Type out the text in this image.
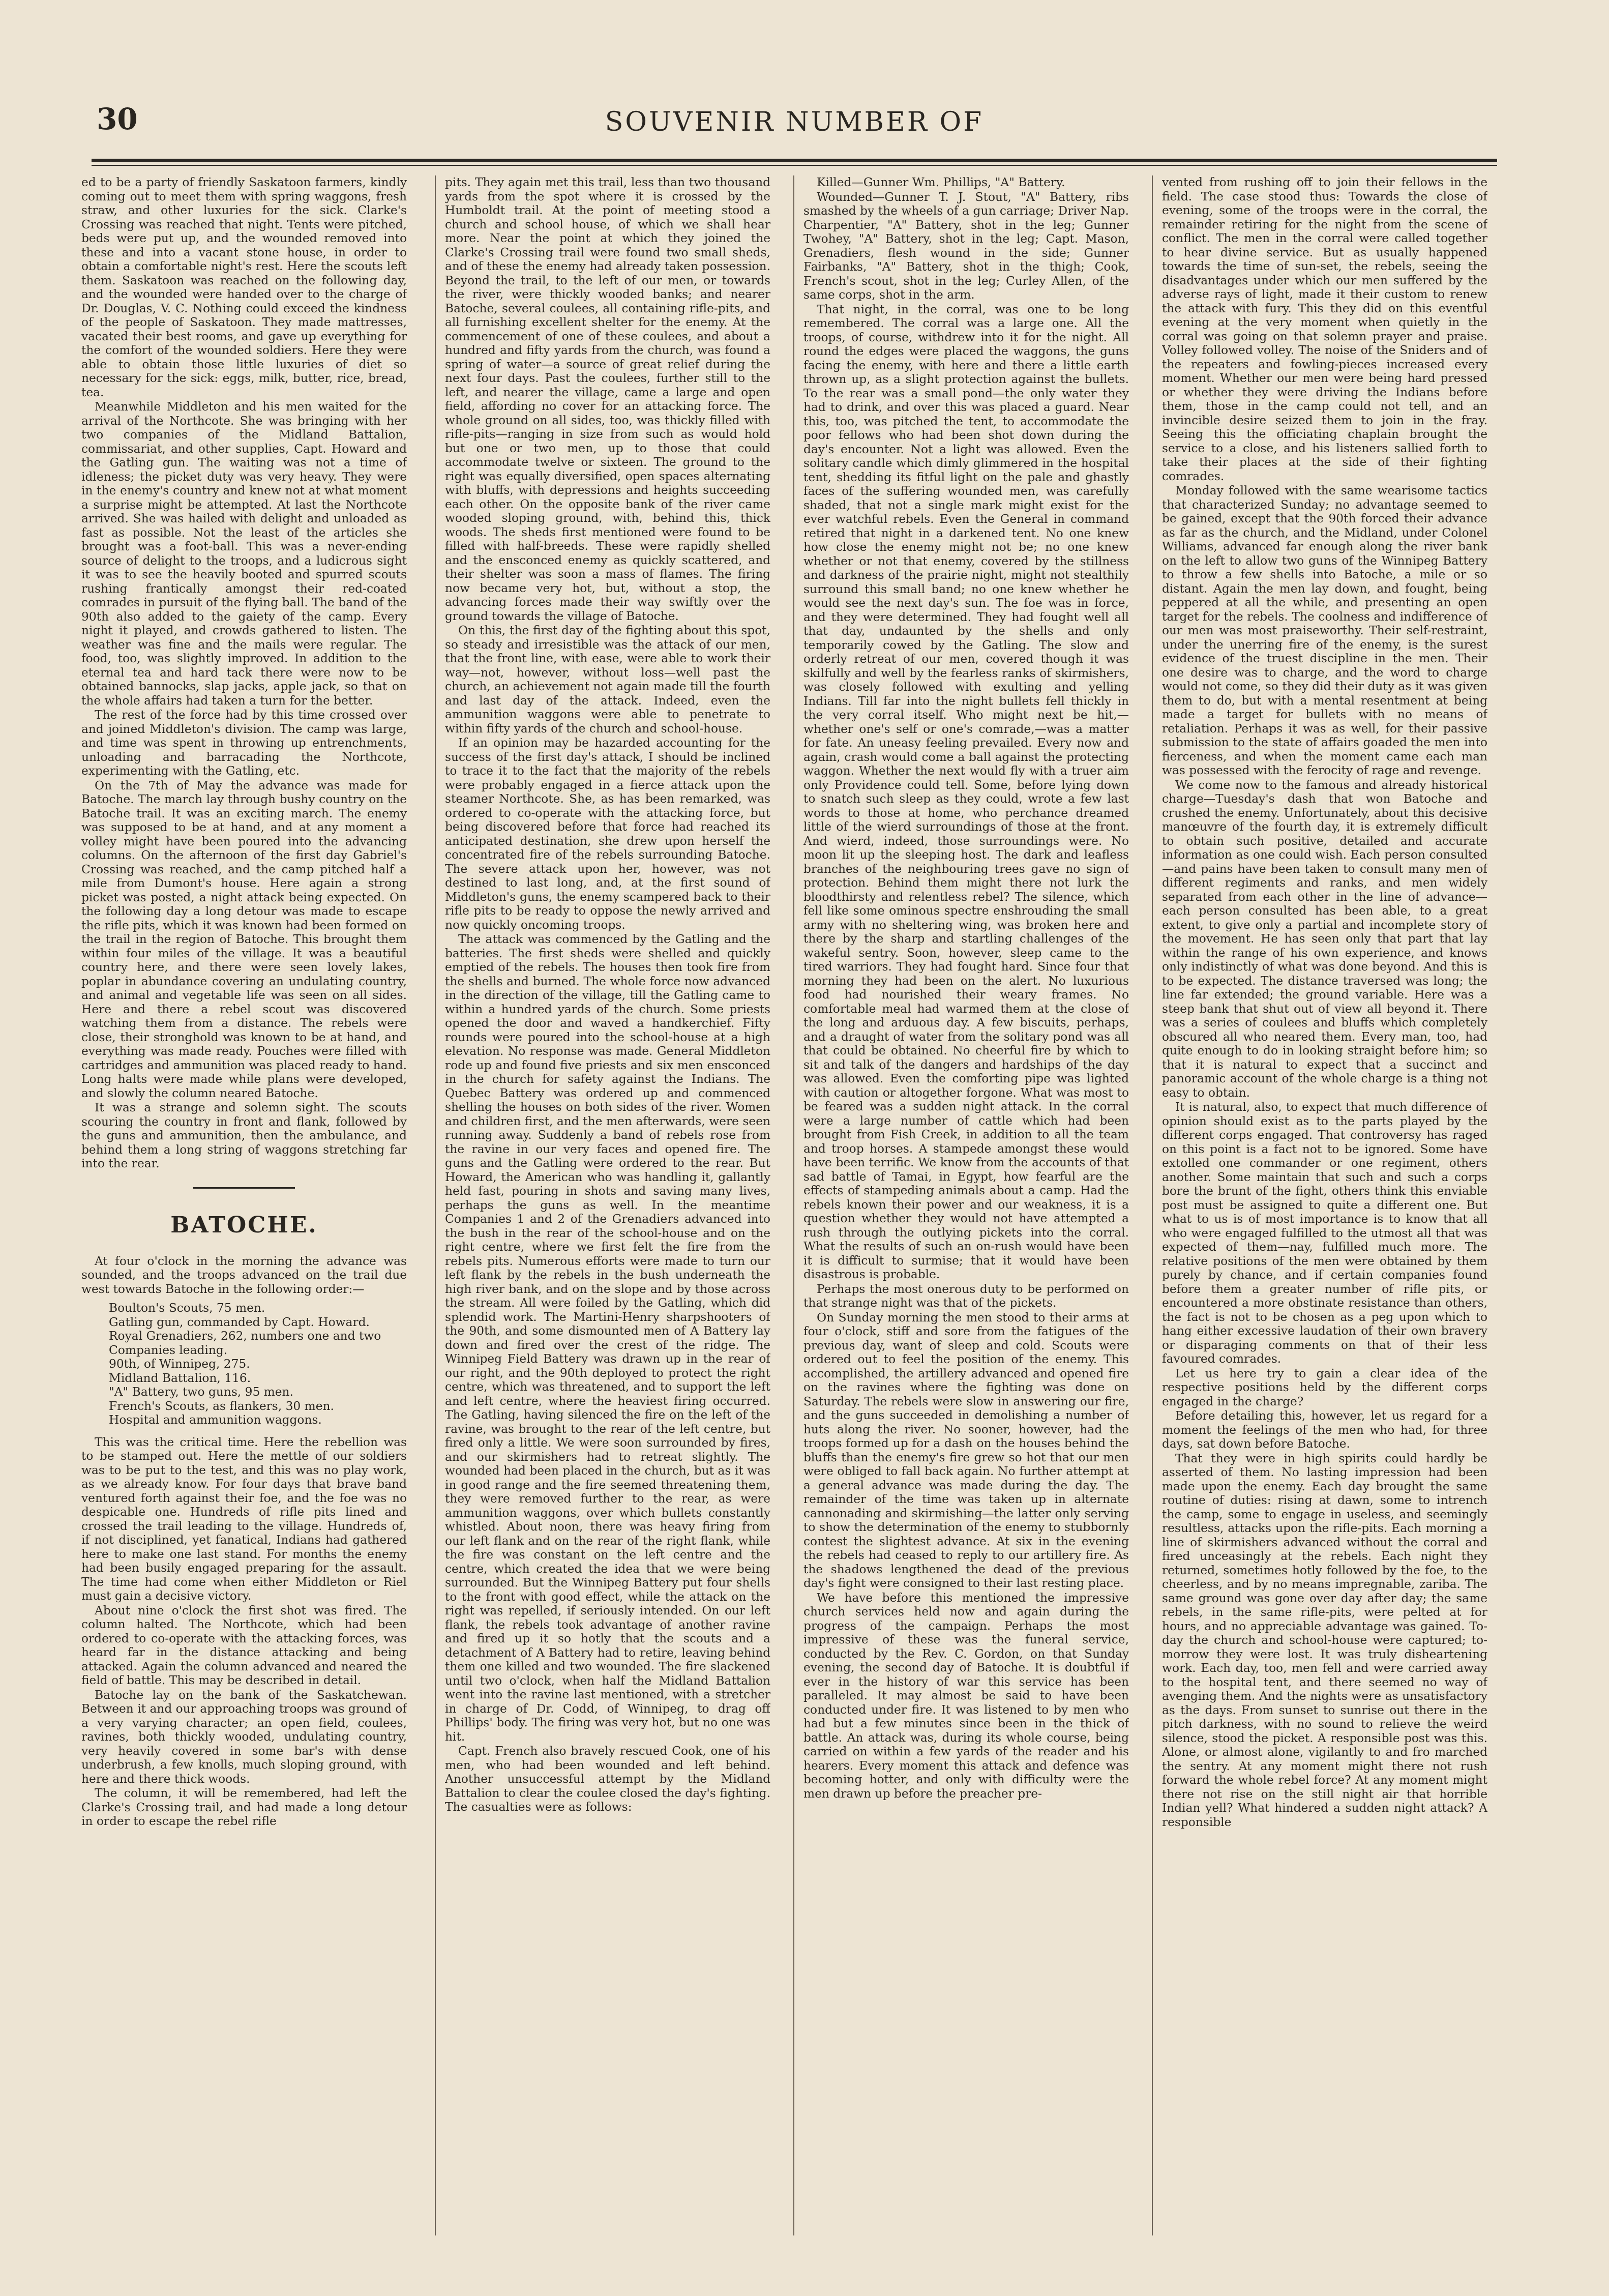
30	SOUVENIR NUMBER OF

ed to be a party of friendly Saskatoon farmers, kindly coming out to meet them with spring waggons, fresh straw, and other luxuries for the sick. Clarke's Crossing was reached that night. Tents were pitched, beds were put up, and the wounded removed into these and into a vacant stone house, in order to obtain a comfortable night's rest. Here the scouts left them. Saskatoon was reached on the following day, and the wounded were handed over to the charge of Dr. Douglas, V. C. Nothing could exceed the kindness of the people of Saskatoon. They made mattresses, vacated their best rooms, and gave up everything for the comfort of the wounded soldiers. Here they were able to obtain those little luxuries of diet so necessary for the sick: eggs, milk, butter, rice, bread, tea.

Meanwhile Middleton and his men waited for the arrival of the Northcote. She was bringing with her two companies of the Midland Battalion, commissariat, and other supplies, Capt. Howard and the Gatling gun. The waiting was not a time of idleness; the picket duty was very heavy. They were in the enemy's country and knew not at what moment a surprise might be attempted. At last the Northcote arrived. She was hailed with delight and unloaded as fast as possible. Not the least of the articles she brought was a foot-ball. This was a never-ending source of delight to the troops, and a ludicrous sight it was to see the heavily booted and spurred scouts rushing frantically amongst their red-coated comrades in pursuit of the flying ball. The band of the 90th also added to the gaiety of the camp. Every night it played, and crowds gathered to listen. The weather was fine and the mails were regular. The food, too, was slightly improved. In addition to the eternal tea and hard tack there were now to be obtained bannocks, slap jacks, apple jack, so that on the whole affairs had taken a turn for the better.

The rest of the force had by this time crossed over and joined Middleton's division. The camp was large, and time was spent in throwing up entrenchments, unloading and barracading the Northcote, experimenting with the Gatling, etc.

On the 7th of May the advance was made for Batoche. The march lay through bushy country on the Batoche trail. It was an exciting march. The enemy was supposed to be at hand, and at any moment a volley might have been poured into the advancing columns. On the afternoon of the first day Gabriel's Crossing was reached, and the camp pitched half a mile from Dumont's house. Here again a strong picket was posted, a night attack being expected. On the following day a long detour was made to escape the rifle pits, which it was known had been formed on the trail in the region of Batoche. This brought them within four miles of the village. It was a beautiful country here, and there were seen lovely lakes, poplar in abundance covering an undulating country, and animal and vegetable life was seen on all sides. Here and there a rebel scout was discovered watching them from a distance. The rebels were close, their stronghold was known to be at hand, and everything was made ready. Pouches were filled with cartridges and ammunition was placed ready to hand. Long halts were made while plans were developed, and slowly the column neared Batoche.

It was a strange and solemn sight. The scouts scouring the country in front and flank, followed by the guns and ammunition, then the ambulance, and behind them a long string of waggons stretching far into the rear.

BATOCHE.

At four o'clock in the morning the advance was sounded, and the troops advanced on the trail due west towards Batoche in the following order:—

Boulton's Scouts, 75 men.
Gatling gun, commanded by Capt. Howard.
Royal Grenadiers, 262, numbers one and two Companies leading.
90th, of Winnipeg, 275.
Midland Battalion, 116.
"A" Battery, two guns, 95 men.
French's Scouts, as flankers, 30 men.
Hospital and ammunition waggons.

This was the critical time. Here the rebellion was to be stamped out. Here the mettle of our soldiers was to be put to the test, and this was no play work, as we already know. For four days that brave band ventured forth against their foe, and the foe was no despicable one. Hundreds of rifle pits lined and crossed the trail leading to the village. Hundreds of, if not disciplined, yet fanatical, Indians had gathered here to make one last stand. For months the enemy had been busily engaged preparing for the assault. The time had come when either Middleton or Riel must gain a decisive victory.

About nine o'clock the first shot was fired. The column halted. The Northcote, which had been ordered to co-operate with the attacking forces, was heard far in the distance attacking and being attacked. Again the column advanced and neared the field of battle. This may be described in detail.

Batoche lay on the bank of the Saskatchewan. Between it and our approaching troops was ground of a very varying character; an open field, coulees, ravines, both thickly wooded, undulating country, very heavily covered in some bar's with dense underbrush, a few knolls, much sloping ground, with here and there thick woods.

The column, it will be remembered, had left the Clarke's Crossing trail, and had made a long detour in order to escape the rebel rifle

pits. They again met this trail, less than two thousand yards from the spot where it is crossed by the Humboldt trail. At the point of meeting stood a church and school house, of which we shall hear more. Near the point at which they joined the Clarke's Crossing trail were found two small sheds, and of these the enemy had already taken possession. Beyond the trail, to the left of our men, or towards the river, were thickly wooded banks; and nearer Batoche, several coulees, all containing rifle-pits, and all furnishing excellent shelter for the enemy. At the commencement of one of these coulees, and about a hundred and fifty yards from the church, was found a spring of water—a source of great relief during the next four days. Past the coulees, further still to the left, and nearer the village, came a large and open field, affording no cover for an attacking force. The whole ground on all sides, too, was thickly filled with rifle-pits—ranging in size from such as would hold but one or two men, up to those that could accommodate twelve or sixteen. The ground to the right was equally diversified, open spaces alternating with bluffs, with depressions and heights succeeding each other. On the opposite bank of the river came wooded sloping ground, with, behind this, thick woods. The sheds first mentioned were found to be filled with half-breeds. These were rapidly shelled and the ensconced enemy as quickly scattered, and their shelter was soon a mass of flames. The firing now became very hot, but, without a stop, the advancing forces made their way swiftly over the ground towards the village of Batoche.

On this, the first day of the fighting about this spot, so steady and irresistible was the attack of our men, that the front line, with ease, were able to work their way—not, however, without loss—well past the church, an achievement not again made till the fourth and last day of the attack. Indeed, even the ammunition waggons were able to penetrate to within fifty yards of the church and school-house.

If an opinion may be hazarded accounting for the success of the first day's attack, I should be inclined to trace it to the fact that the majority of the rebels were probably engaged in a fierce attack upon the steamer Northcote. She, as has been remarked, was ordered to co-operate with the attacking force, but being discovered before that force had reached its anticipated destination, she drew upon herself the concentrated fire of the rebels surrounding Batoche. The severe attack upon her, however, was not destined to last long, and, at the first sound of Middleton's guns, the enemy scampered back to their rifle pits to be ready to oppose the newly arrived and now quickly oncoming troops.

The attack was commenced by the Gatling and the batteries. The first sheds were shelled and quickly emptied of the rebels. The houses then took fire from the shells and burned. The whole force now advanced in the direction of the village, till the Gatling came to within a hundred yards of the church. Some priests opened the door and waved a handkerchief. Fifty rounds were poured into the school-house at a high elevation. No response was made. General Middleton rode up and found five priests and six men ensconced in the church for safety against the Indians. The Quebec Battery was ordered up and commenced shelling the houses on both sides of the river. Women and children first, and the men afterwards, were seen running away. Suddenly a band of rebels rose from the ravine in our very faces and opened fire. The guns and the Gatling were ordered to the rear. But Howard, the American who was handling it, gallantly held fast, pouring in shots and saving many lives, perhaps the guns as well. In the meantime Companies 1 and 2 of the Grenadiers advanced into the bush in the rear of the school-house and on the right centre, where we first felt the fire from the rebels pits. Numerous efforts were made to turn our left flank by the rebels in the bush underneath the high river bank, and on the slope and by those across the stream. All were foiled by the Gatling, which did splendid work. The Martini-Henry sharpshooters of the 90th, and some dismounted men of A Battery lay down and fired over the crest of the ridge. The Winnipeg Field Battery was drawn up in the rear of our right, and the 90th deployed to protect the right centre, which was threatened, and to support the left and left centre, where the heaviest firing occurred. The Gatling, having silenced the fire on the left of the ravine, was brought to the rear of the left centre, but fired only a little. We were soon surrounded by fires, and our skirmishers had to retreat slightly. The wounded had been placed in the church, but as it was in good range and the fire seemed threatening them, they were removed further to the rear, as were ammunition waggons, over which bullets constantly whistled. About noon, there was heavy firing from our left flank and on the rear of the right flank, while the fire was constant on the left centre and the centre, which created the idea that we were being surrounded. But the Winnipeg Battery put four shells to the front with good effect, while the attack on the right was repelled, if seriously intended. On our left flank, the rebels took advantage of another ravine and fired up it so hotly that the scouts and a detachment of A Battery had to retire, leaving behind them one killed and two wounded. The fire slackened until two o'clock, when half the Midland Battalion went into the ravine last mentioned, with a stretcher in charge of Dr. Codd, of Winnipeg, to drag off Phillips' body. The firing was very hot, but no one was hit.

Capt. French also bravely rescued Cook, one of his men, who had been wounded and left behind. Another unsuccessful attempt by the Midland Battalion to clear the coulee closed the day's fighting. The casualties were as follows:

Killed—Gunner Wm. Phillips, "A" Battery.

Wounded—Gunner T. J. Stout, "A" Battery, ribs smashed by the wheels of a gun carriage; Driver Nap. Charpentier, "A" Battery, shot in the leg; Gunner Twohey, "A" Battery, shot in the leg; Capt. Mason, Grenadiers, flesh wound in the side; Gunner Fairbanks, "A" Battery, shot in the thigh; Cook, French's scout, shot in the leg; Curley Allen, of the same corps, shot in the arm.

That night, in the corral, was one to be long remembered. The corral was a large one. All the troops, of course, withdrew into it for the night. All round the edges were placed the waggons, the guns facing the enemy, with here and there a little earth thrown up, as a slight protection against the bullets. To the rear was a small pond—the only water they had to drink, and over this was placed a guard. Near this, too, was pitched the tent, to accommodate the poor fellows who had been shot down during the day's encounter. Not a light was allowed. Even the solitary candle which dimly glimmered in the hospital tent, shedding its fitful light on the pale and ghastly faces of the suffering wounded men, was carefully shaded, that not a single mark might exist for the ever watchful rebels. Even the General in command retired that night in a darkened tent. No one knew how close the enemy might not be; no one knew whether or not that enemy, covered by the stillness and darkness of the prairie night, might not stealthily surround this small band; no one knew whether he would see the next day's sun. The foe was in force, and they were determined. They had fought well all that day, undaunted by the shells and only temporarily cowed by the Gatling. The slow and orderly retreat of our men, covered though it was skilfully and well by the fearless ranks of skirmishers, was closely followed with exulting and yelling Indians. Till far into the night bullets fell thickly in the very corral itself. Who might next be hit,—whether one's self or one's comrade,—was a matter for fate. An uneasy feeling prevailed. Every now and again, crash would come a ball against the protecting waggon. Whether the next would fly with a truer aim only Providence could tell. Some, before lying down to snatch such sleep as they could, wrote a few last words to those at home, who perchance dreamed little of the wierd surroundings of those at the front. And wierd, indeed, those surroundings were. No moon lit up the sleeping host. The dark and leafless branches of the neighbouring trees gave no sign of protection. Behind them might there not lurk the bloodthirsty and relentless rebel? The silence, which fell like some ominous spectre enshrouding the small army with no sheltering wing, was broken here and there by the sharp and startling challenges of the wakeful sentry. Soon, however, sleep came to the tired warriors. They had fought hard. Since four that morning they had been on the alert. No luxurious food had nourished their weary frames. No comfortable meal had warmed them at the close of the long and arduous day. A few biscuits, perhaps, and a draught of water from the solitary pond was all that could be obtained. No cheerful fire by which to sit and talk of the dangers and hardships of the day was allowed. Even the comforting pipe was lighted with caution or altogether forgone. What was most to be feared was a sudden night attack. In the corral were a large number of cattle which had been brought from Fish Creek, in addition to all the team and troop horses. A stampede amongst these would have been terrific. We know from the accounts of that sad battle of Tamai, in Egypt, how fearful are the effects of stampeding animals about a camp. Had the rebels known their power and our weakness, it is a question whether they would not have attempted a rush through the outlying pickets into the corral. What the results of such an on-rush would have been it is difficult to surmise; that it would have been disastrous is probable.

Perhaps the most onerous duty to be performed on that strange night was that of the pickets.

On Sunday morning the men stood to their arms at four o'clock, stiff and sore from the fatigues of the previous day, want of sleep and cold. Scouts were ordered out to feel the position of the enemy. This accomplished, the artillery advanced and opened fire on the ravines where the fighting was done on Saturday. The rebels were slow in answering our fire, and the guns succeeded in demolishing a number of huts along the river. No sooner, however, had the troops formed up for a dash on the houses behind the bluffs than the enemy's fire grew so hot that our men were obliged to fall back again. No further attempt at a general advance was made during the day. The remainder of the time was taken up in alternate cannonading and skirmishing—the latter only serving to show the determination of the enemy to stubbornly contest the slightest advance. At six in the evening the rebels had ceased to reply to our artillery fire. As the shadows lengthened the dead of the previous day's fight were consigned to their last resting place.

We have before this mentioned the impressive church services held now and again during the progress of the campaign. Perhaps the most impressive of these was the funeral service, conducted by the Rev. C. Gordon, on that Sunday evening, the second day of Batoche. It is doubtful if ever in the history of war this service has been paralleled. It may almost be said to have been conducted under fire. It was listened to by men who had but a few minutes since been in the thick of battle. An attack was, during its whole course, being carried on within a few yards of the reader and his hearers. Every moment this attack and defence was becoming hotter, and only with difficulty were the men drawn up before the preacher pre-

vented from rushing off to join their fellows in the field. The case stood thus: Towards the close of evening, some of the troops were in the corral, the remainder retiring for the night from the scene of conflict. The men in the corral were called together to hear divine service. But as usually happened towards the time of sun-set, the rebels, seeing the disadvantages under which our men suffered by the adverse rays of light, made it their custom to renew the attack with fury. This they did on this eventful evening at the very moment when quietly in the corral was going on that solemn prayer and praise. Volley followed volley. The noise of the Sniders and of the repeaters and fowling-pieces increased every moment. Whether our men were being hard pressed or whether they were driving the Indians before them, those in the camp could not tell, and an invincible desire seized them to join in the fray. Seeing this the officiating chaplain brought the service to a close, and his listeners sallied forth to take their places at the side of their fighting comrades.

Monday followed with the same wearisome tactics that characterized Sunday; no advantage seemed to be gained, except that the 90th forced their advance as far as the church, and the Midland, under Colonel Williams, advanced far enough along the river bank on the left to allow two guns of the Winnipeg Battery to throw a few shells into Batoche, a mile or so distant. Again the men lay down, and fought, being peppered at all the while, and presenting an open target for the rebels. The coolness and indifference of our men was most praiseworthy. Their self-restraint, under the unerring fire of the enemy, is the surest evidence of the truest discipline in the men. Their one desire was to charge, and the word to charge would not come, so they did their duty as it was given them to do, but with a mental resentment at being made a target for bullets with no means of retaliation. Perhaps it was as well, for their passive submission to the state of affairs goaded the men into fierceness, and when the moment came each man was possessed with the ferocity of rage and revenge.

We come now to the famous and already historical charge—Tuesday's dash that won Batoche and crushed the enemy. Unfortunately, about this decisive manœuvre of the fourth day, it is extremely difficult to obtain such positive, detailed and accurate information as one could wish. Each person consulted—and pains have been taken to consult many men of different regiments and ranks, and men widely separated from each other in the line of advance—each person consulted has been able, to a great extent, to give only a partial and incomplete story of the movement. He has seen only that part that lay within the range of his own experience, and knows only indistinctly of what was done beyond. And this is to be expected. The distance traversed was long; the line far extended; the ground variable. Here was a steep bank that shut out of view all beyond it. There was a series of coulees and bluffs which completely obscured all who neared them. Every man, too, had quite enough to do in looking straight before him; so that it is natural to expect that a succinct and panoramic account of the whole charge is a thing not easy to obtain.

It is natural, also, to expect that much difference of opinion should exist as to the parts played by the different corps engaged. That controversy has raged on this point is a fact not to be ignored. Some have extolled one commander or one regiment, others another. Some maintain that such and such a corps bore the brunt of the fight, others think this enviable post must be assigned to quite a different one. But what to us is of most importance is to know that all who were engaged fulfilled to the utmost all that was expected of them—nay, fulfilled much more. The relative positions of the men were obtained by them purely by chance, and if certain companies found before them a greater number of rifle pits, or encountered a more obstinate resistance than others, the fact is not to be chosen as a peg upon which to hang either excessive laudation of their own bravery or disparaging comments on that of their less favoured comrades.

Let us here try to gain a clear idea of the respective positions held by the different corps engaged in the charge?

Before detailing this, however, let us regard for a moment the feelings of the men who had, for three days, sat down before Batoche.

That they were in high spirits could hardly be asserted of them. No lasting impression had been made upon the enemy. Each day brought the same routine of duties: rising at dawn, some to intrench the camp, some to engage in useless, and seemingly resultless, attacks upon the rifle-pits. Each morning a line of skirmishers advanced without the corral and fired unceasingly at the rebels. Each night they returned, sometimes hotly followed by the foe, to the cheerless, and by no means impregnable, zariba. The same ground was gone over day after day; the same rebels, in the same rifle-pits, were pelted at for hours, and no appreciable advantage was gained. To-day the church and school-house were captured; to-morrow they were lost. It was truly disheartening work. Each day, too, men fell and were carried away to the hospital tent, and there seemed no way of avenging them. And the nights were as unsatisfactory as the days. From sunset to sunrise out there in the pitch darkness, with no sound to relieve the weird silence, stood the picket. A responsible post was this. Alone, or almost alone, vigilantly to and fro marched the sentry. At any moment might there not rush forward the whole rebel force? At any moment might there not rise on the still night air that horrible Indian yell? What hindered a sudden night attack? A responsible
